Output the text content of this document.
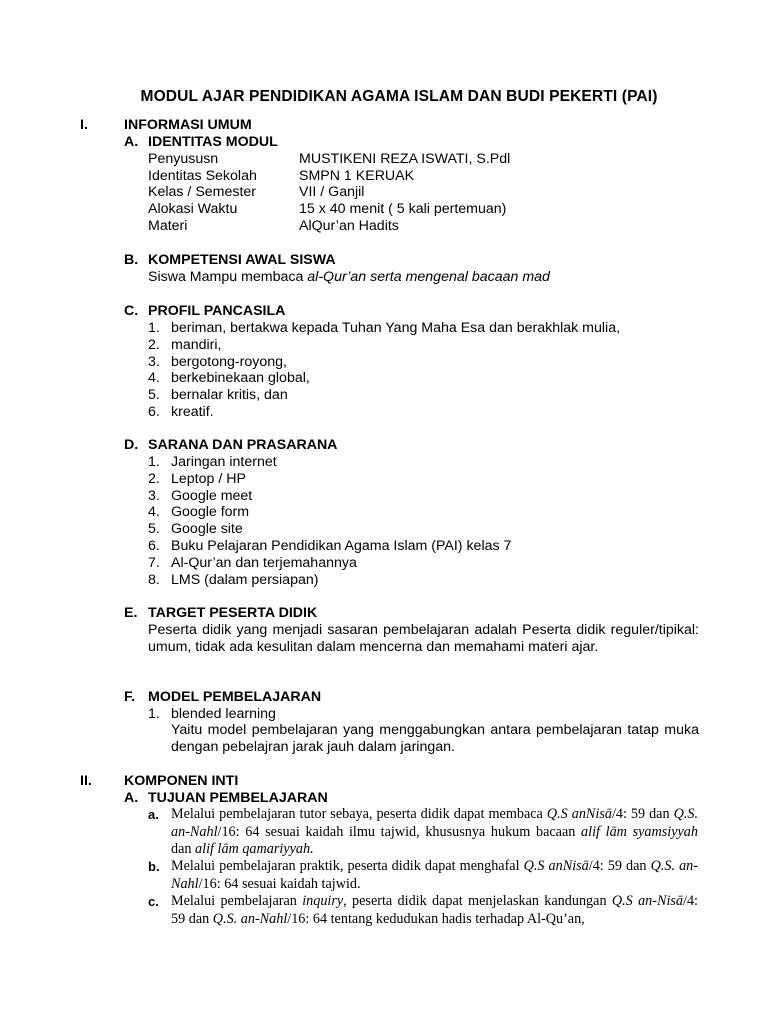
MODUL AJAR PENDIDIKAN AGAMA ISLAM DAN BUDI PEKERTI (PAI)
I.	INFORMASI UMUM
A. IDENTITAS MODUL
Penyususn	MUSTIKENI REZA ISWATI, S.Pdl
Identitas Sekolah	SMPN 1 KERUAK
Kelas / Semester	VII / Ganjil
Alokasi Waktu	15 x 40 menit ( 5 kali pertemuan)
Materi	AlQur’an Hadits
B. KOMPETENSI AWAL SISWA
Siswa Mampu membaca al-Qur’an serta mengenal bacaan mad
C. PROFIL PANCASILA
1. beriman, bertakwa kepada Tuhan Yang Maha Esa dan berakhlak mulia,
2. mandiri,
3. bergotong-royong,
4. berkebinekaan global,
5. bernalar kritis, dan
6. kreatif.
D. SARANA DAN PRASARANA
1. Jaringan internet
2. Leptop / HP
3. Google meet
4. Google form
5. Google site
6. Buku Pelajaran Pendidikan Agama Islam (PAI) kelas 7
7. Al-Qur’an dan terjemahannya
8. LMS (dalam persiapan)
E. TARGET PESERTA DIDIK
Peserta didik yang menjadi sasaran pembelajaran adalah Peserta didik reguler/tipikal: umum, tidak ada kesulitan dalam mencerna dan memahami materi ajar.
F. MODEL PEMBELAJARAN
1. blended learning
Yaitu model pembelajaran yang menggabungkan antara pembelajaran tatap muka dengan pebelajran jarak jauh dalam jaringan.
II. KOMPONEN INTI
A. TUJUAN PEMBELAJARAN
a. Melalui pembelajaran tutor sebaya, peserta didik dapat membaca Q.S anNisā/4: 59 dan Q.S. an-Nahl/16: 64 sesuai kaidah ilmu tajwid, khususnya hukum bacaan alif lām syamsiyyah dan alif lām qamariyyah.
b. Melalui pembelajaran praktik, peserta didik dapat menghafal Q.S anNisā/4: 59 dan Q.S. an-Nahl/16: 64 sesuai kaidah tajwid.
c. Melalui pembelajaran inquiry, peserta didik dapat menjelaskan kandungan Q.S an-Nisā/4: 59 dan Q.S. an-Nahl/16: 64 tentang kedudukan hadis terhadap Al-Qu’an,
